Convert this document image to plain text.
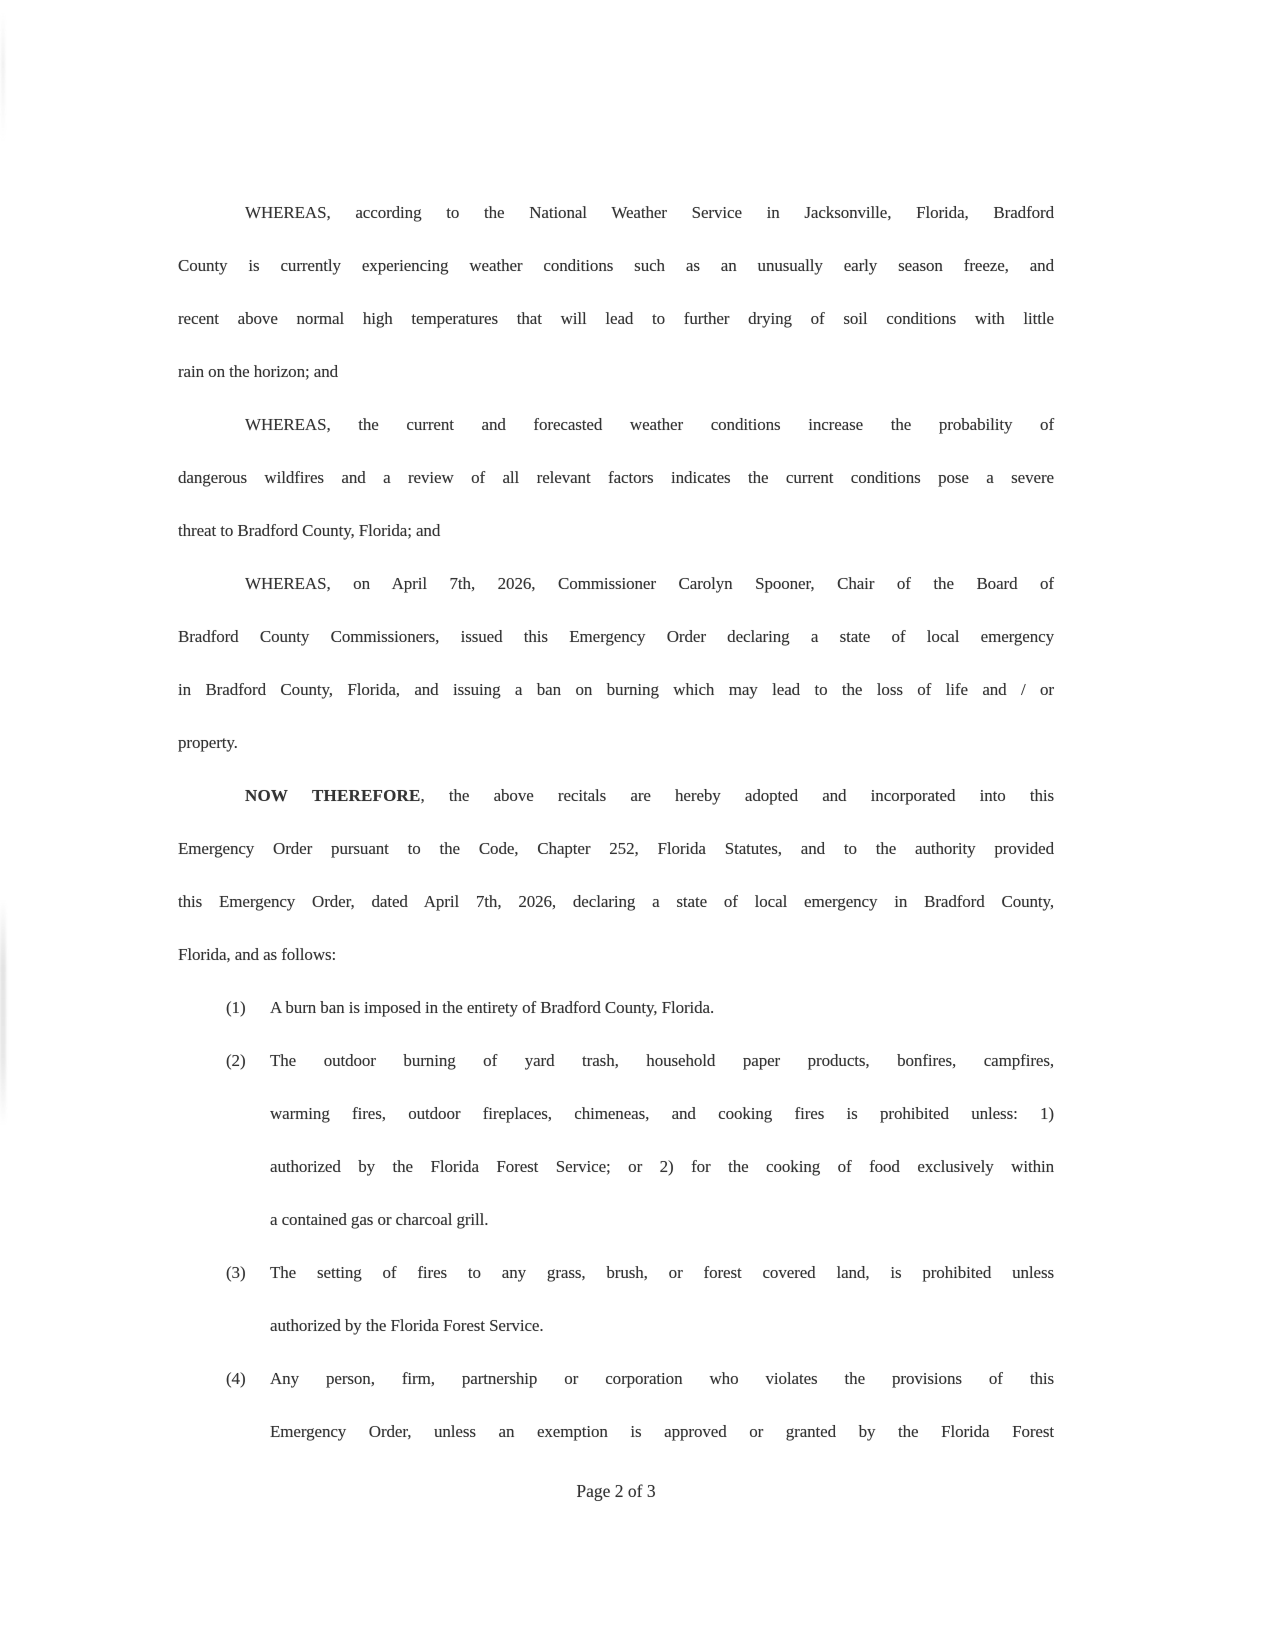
WHEREAS, according to the National Weather Service in Jacksonville, Florida, Bradford
County is currently experiencing weather conditions such as an unusually early season freeze, and
recent above normal high temperatures that will lead to further drying of soil conditions with little
rain on the horizon; and
WHEREAS, the current and forecasted weather conditions increase the probability of
dangerous wildfires and a review of all relevant factors indicates the current conditions pose a severe
threat to Bradford County, Florida; and
WHEREAS, on April 7th, 2026, Commissioner Carolyn Spooner, Chair of the Board of
Bradford County Commissioners, issued this Emergency Order declaring a state of local emergency
in Bradford County, Florida, and issuing a ban on burning which may lead to the loss of life and / or
property.
NOW THEREFORE, the above recitals are hereby adopted and incorporated into this
Emergency Order pursuant to the Code, Chapter 252, Florida Statutes, and to the authority provided
this Emergency Order, dated April 7th, 2026, declaring a state of local emergency in Bradford County,
Florida, and as follows:
(1)	A burn ban is imposed in the entirety of Bradford County, Florida.
(2)	The outdoor burning of yard trash, household paper products, bonfires, campfires,
warming fires, outdoor fireplaces, chimeneas, and cooking fires is prohibited unless: 1)
authorized by the Florida Forest Service; or 2) for the cooking of food exclusively within
a contained gas or charcoal grill.
(3)	The setting of fires to any grass, brush, or forest covered land, is prohibited unless
authorized by the Florida Forest Service.
(4)	Any person, firm, partnership or corporation who violates the provisions of this
Emergency Order, unless an exemption is approved or granted by the Florida Forest
Page 2 of 3
